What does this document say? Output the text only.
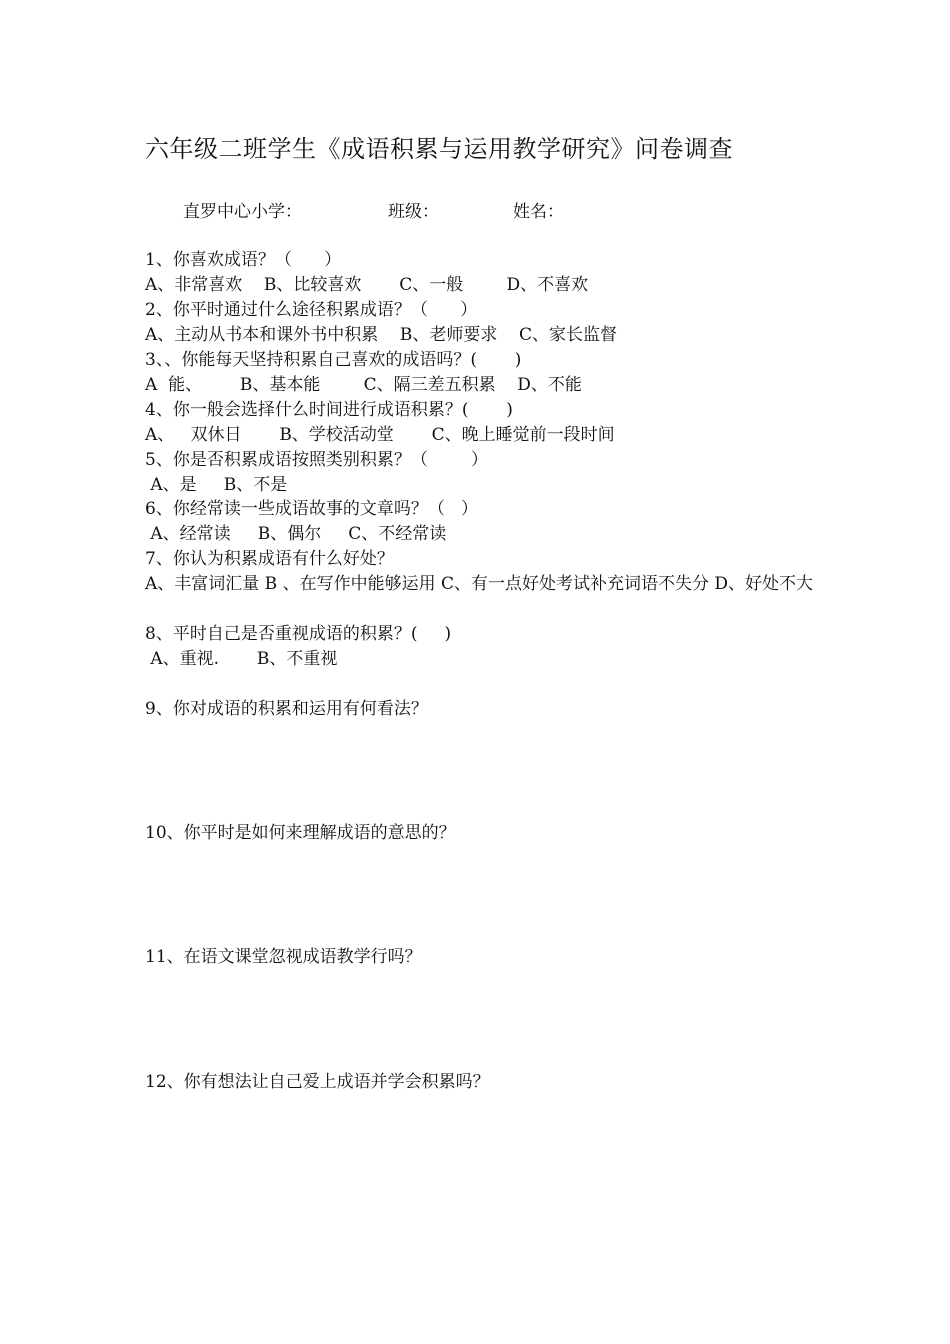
六年级二班学生《成语积累与运用教学研究》问卷调查
直罗中心小学：	班级：	姓名：
1、你喜欢成语？（      ）
A、非常喜欢    B、比较喜欢       C、一般        D、不喜欢
2、你平时通过什么途径积累成语？（      ）
A、主动从书本和课外书中积累    B、老师要求    C、家长监督
3、、你能每天坚持积累自己喜欢的成语吗？(       )
A  能、       B、基本能        C、隔三差五积累    D、不能
4、你一般会选择什么时间进行成语积累？(       )
A、   双休日       B、学校活动堂       C、晚上睡觉前一段时间
5、你是否积累成语按照类别积累？（        ）
A、是     B、不是
6、你经常读一些成语故事的文章吗？（   ）
A、经常读     B、偶尔     C、不经常读
7、你认为积累成语有什么好处？
A、丰富词汇量 B 、在写作中能够运用 C、有一点好处考试补充词语不失分 D、好处不大
8、平时自己是否重视成语的积累？(     )
A、重视.       B、不重视
9、你对成语的积累和运用有何看法？
10、你平时是如何来理解成语的意思的？
11、在语文课堂忽视成语教学行吗？
12、你有想法让自己爱上成语并学会积累吗？
